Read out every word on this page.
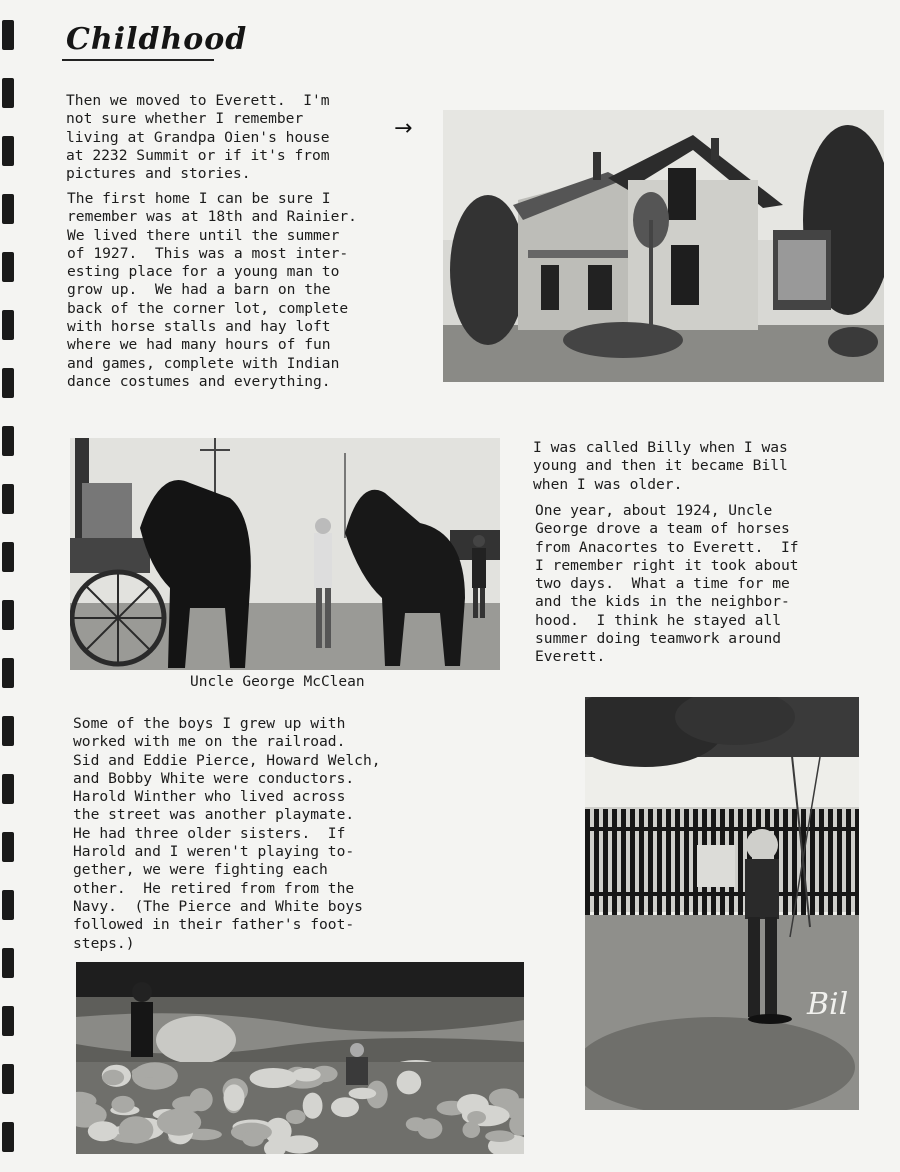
Childhood
Then we moved to Everett.  I'm
not sure whether I remember
living at Grandpa Oien's house
at 2232 Summit or if it's from
pictures and stories.
→
The first home I can be sure I
remember was at 18th and Rainier.
We lived there until the summer
of 1927.  This was a most inter-
esting place for a young man to
grow up.  We had a barn on the
back of the corner lot, complete
with horse stalls and hay loft
where we had many hours of fun
and games, complete with Indian
dance costumes and everything.
Uncle George McClean
I was called Billy when I was
young and then it became Bill
when I was older.
One year, about 1924, Uncle
George drove a team of horses
from Anacortes to Everett.  If
I remember right it took about
two days.  What a time for me
and the kids in the neighbor-
hood.  I think he stayed all
summer doing teamwork around
Everett.
Bil
Some of the boys I grew up with
worked with me on the railroad.
Sid and Eddie Pierce, Howard Welch,
and Bobby White were conductors.
Harold Winther who lived across
the street was another playmate.
He had three older sisters.  If
Harold and I weren't playing to-
gether, we were fighting each
other.  He retired from from the
Navy.  (The Pierce and White boys
followed in their father's foot-
steps.)
